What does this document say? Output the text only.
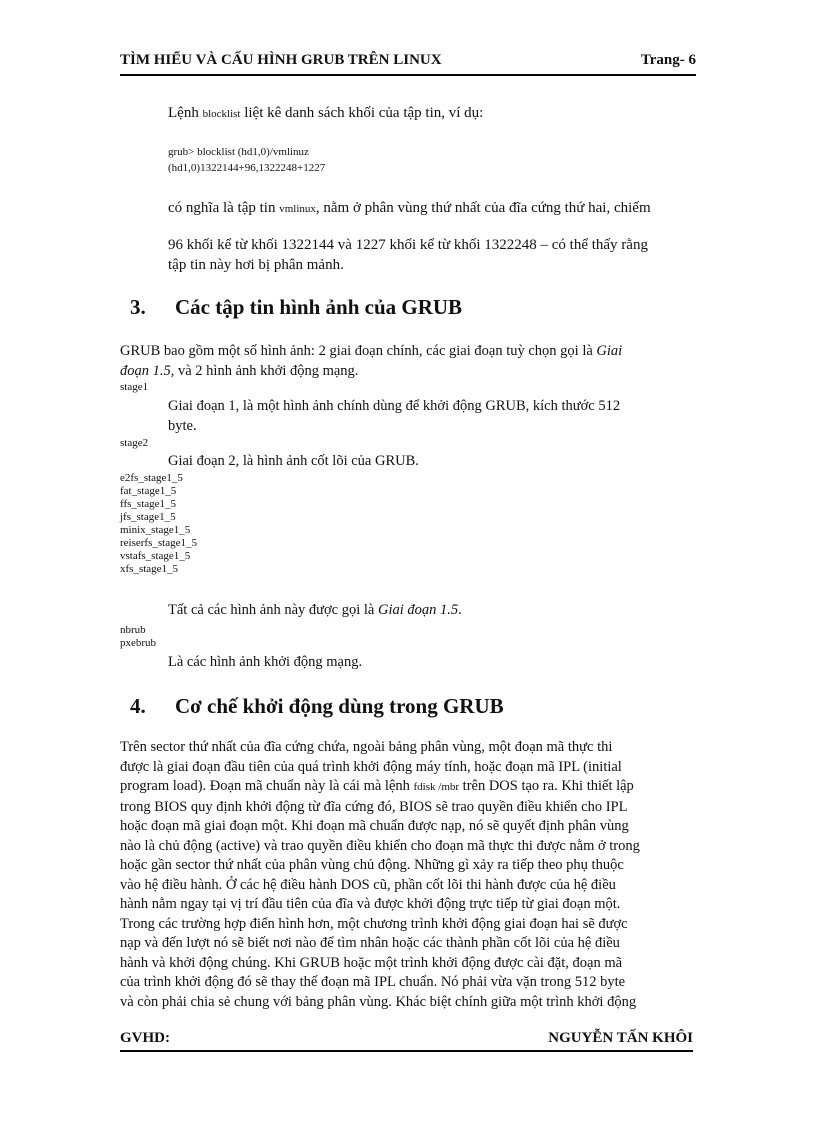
TÌM HIỂU VÀ CẤU HÌNH GRUB TRÊN LINUX	Trang- 6
Lệnh blocklist liệt kê danh sách khối của tập tin, ví dụ:
grub> blocklist (hd1,0)/vmlinuz
(hd1,0)1322144+96,1322248+1227
có nghĩa là tập tin vmlinux, nằm ở phân vùng thứ nhất của đĩa cứng thứ hai, chiếm
96 khối kể từ khối 1322144 và 1227 khối kể từ khối 1322248 – có thể thấy rằng
tập tin này hơi bị phân mảnh.
3. Các tập tin hình ảnh của GRUB
GRUB bao gồm một số hình ảnh: 2 giai đoạn chính, các giai đoạn tuỳ chọn gọi là Giai
đoạn 1.5, và 2 hình ảnh khởi động mạng.
stage1
Giai đoạn 1, là một hình ảnh chính dùng để khởi động GRUB, kích thước 512
byte.
stage2
Giai đoạn 2, là hình ảnh cốt lõi của GRUB.
e2fs_stage1_5
fat_stage1_5
ffs_stage1_5
jfs_stage1_5
minix_stage1_5
reiserfs_stage1_5
vstafs_stage1_5
xfs_stage1_5
Tất cả các hình ảnh này được gọi là Giai đoạn 1.5.
nbrub
pxebrub
Là các hình ảnh khởi động mạng.
4. Cơ chế khởi động dùng trong GRUB
Trên sector thứ nhất của đĩa cứng chứa, ngoài bảng phân vùng, một đoạn mã thực thi
được là giai đoạn đầu tiên của quá trình khởi động máy tính, hoặc đoạn mã IPL (initial
program load). Đoạn mã chuẩn này là cái mà lệnh fdisk /mbr trên DOS tạo ra. Khi thiết lập
trong BIOS quy định khởi động từ đĩa cứng đó, BIOS sẽ trao quyền điều khiển cho IPL
hoặc đoạn mã giai đoạn một. Khi đoạn mã chuẩn được nạp, nó sẽ quyết định phân vùng
nào là chủ động (active) và trao quyền điều khiển cho đoạn mã thực thi được nằm ở trong
hoặc gần sector thứ nhất của phân vùng chủ động. Những gì xảy ra tiếp theo phụ thuộc
vào hệ điều hành. Ở các hệ điều hành DOS cũ, phần cốt lõi thi hành được của hệ điều
hành nằm ngay tại vị trí đầu tiên của đĩa và được khởi động trực tiếp từ giai đoạn một.
Trong các trường hợp điển hình hơn, một chương trình khởi động giai đoạn hai sẽ được
nạp và đến lượt nó sẽ biết nơi nào để tìm nhân hoặc các thành phần cốt lõi của hệ điều
hành và khởi động chúng. Khi GRUB hoặc một trình khởi động được cài đặt, đoạn mã
của trình khởi động đó sẽ thay thế đoạn mã IPL chuẩn. Nó phải vừa vặn trong 512 byte
và còn phải chia sẻ chung với bảng phân vùng. Khác biệt chính giữa một trình khởi động
GVHD:	NGUYỄN TẤN KHÔI
